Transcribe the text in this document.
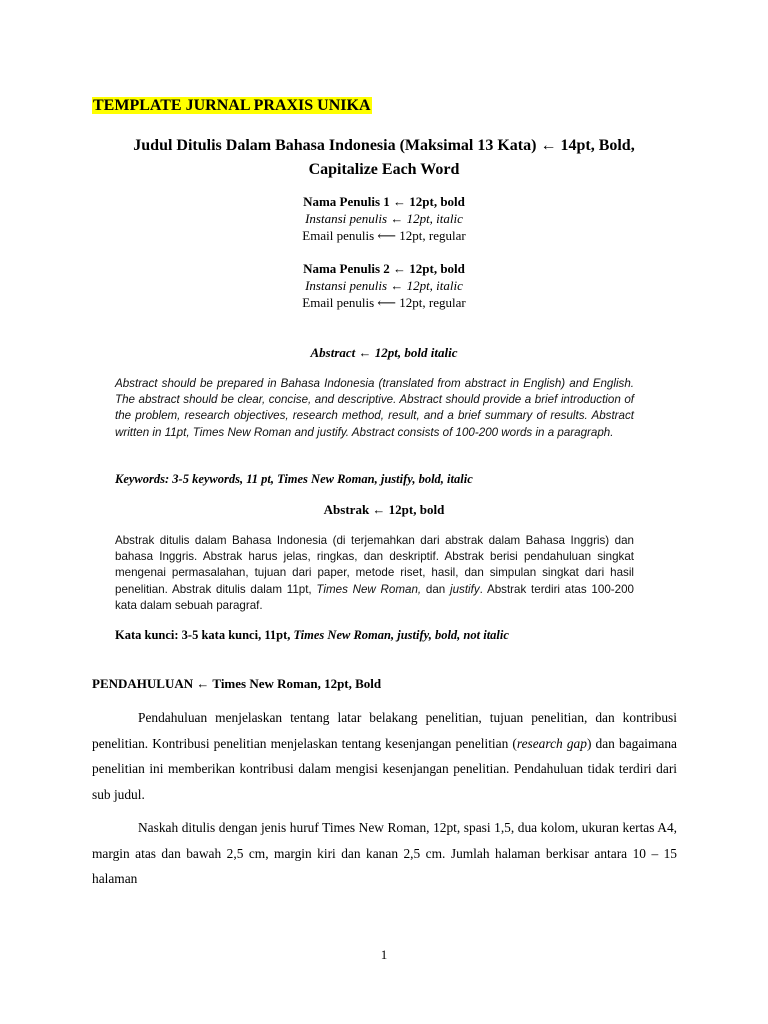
TEMPLATE JURNAL PRAXIS UNIKA
Judul Ditulis Dalam Bahasa Indonesia (Maksimal 13 Kata) ← 14pt, Bold,
Capitalize Each Word
Nama Penulis 1 ← 12pt, bold
Instansi penulis ← 12pt, italic
Email penulis ⟵ 12pt, regular
Nama Penulis 2 ← 12pt, bold
Instansi penulis ← 12pt, italic
Email penulis ⟵ 12pt, regular
Abstract ← 12pt, bold italic
Abstract should be prepared in Bahasa Indonesia (translated from abstract in English) and English. The abstract should be clear, concise, and descriptive. Abstract should provide a brief introduction of the problem, research objectives, research method, result, and a brief summary of results. Abstract written in 11pt, Times New Roman and justify. Abstract consists of 100-200 words in a paragraph.
Keywords: 3-5 keywords, 11 pt, Times New Roman, justify, bold, italic
Abstrak ← 12pt, bold
Abstrak ditulis dalam Bahasa Indonesia (di terjemahkan dari abstrak dalam Bahasa Inggris) dan bahasa Inggris. Abstrak harus jelas, ringkas, dan deskriptif. Abstrak berisi pendahuluan singkat mengenai permasalahan, tujuan dari paper, metode riset, hasil, dan simpulan singkat dari hasil penelitian. Abstrak ditulis dalam 11pt, Times New Roman, dan justify. Abstrak terdiri atas 100-200 kata dalam sebuah paragraf.
Kata kunci: 3-5 kata kunci, 11pt, Times New Roman, justify, bold, not italic
PENDAHULUAN ← Times New Roman, 12pt, Bold
Pendahuluan menjelaskan tentang latar belakang penelitian, tujuan penelitian, dan kontribusi penelitian. Kontribusi penelitian menjelaskan tentang kesenjangan penelitian (research gap) dan bagaimana penelitian ini memberikan kontribusi dalam mengisi kesenjangan penelitian. Pendahuluan tidak terdiri dari sub judul.
Naskah ditulis dengan jenis huruf Times New Roman, 12pt, spasi 1,5, dua kolom, ukuran kertas A4, margin atas dan bawah 2,5 cm, margin kiri dan kanan 2,5 cm. Jumlah halaman berkisar antara 10 – 15 halaman
1
